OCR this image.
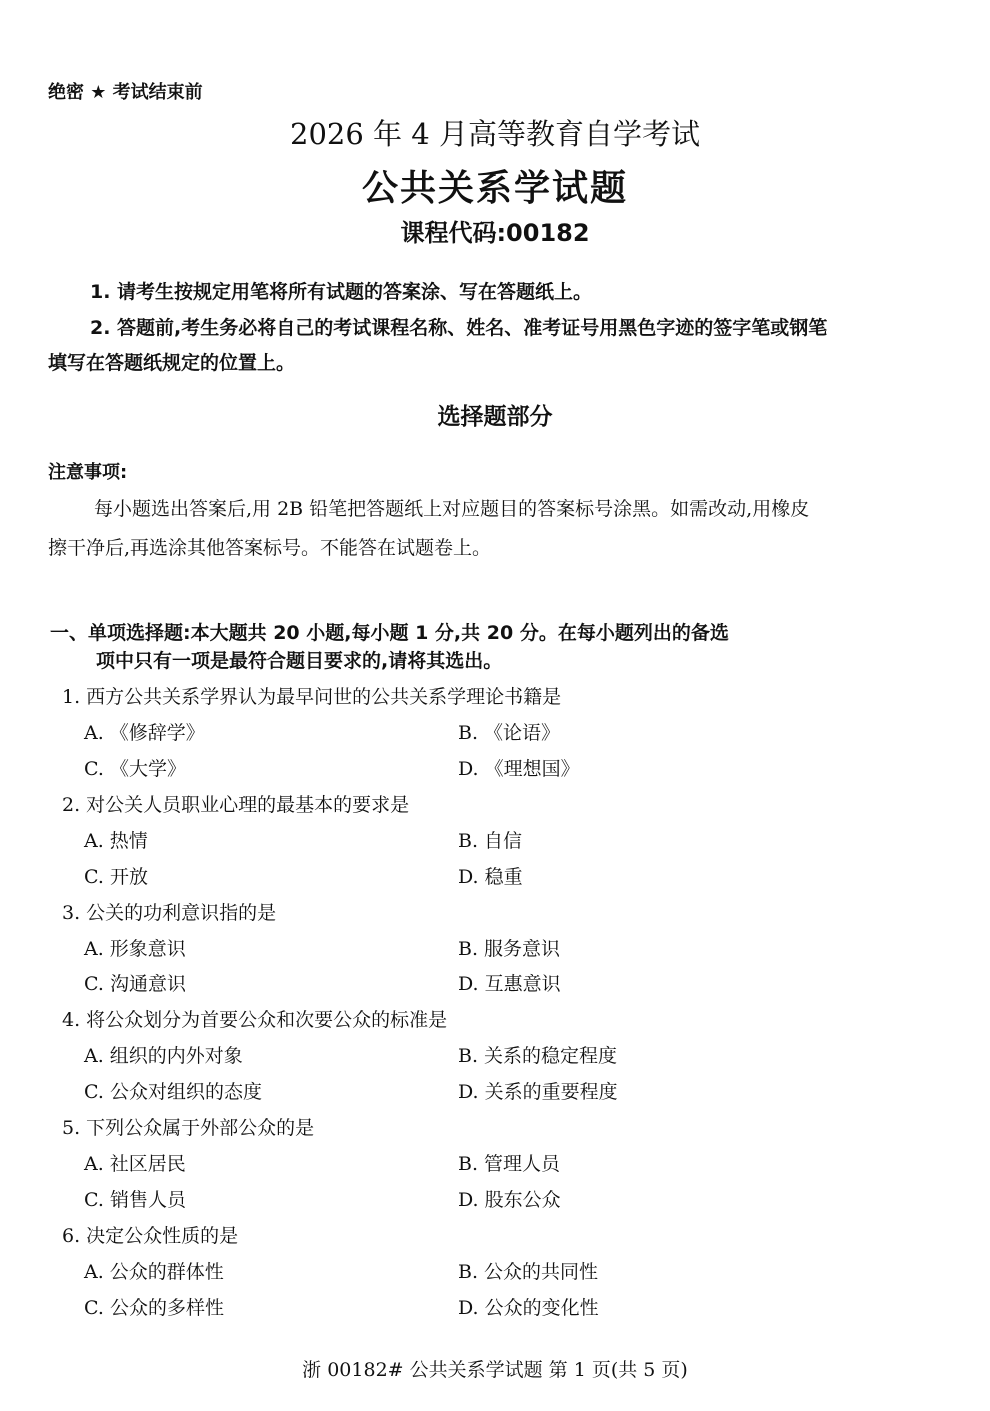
绝密 ★ 考试结束前
2026 年 4 月高等教育自学考试
公共关系学试题
课程代码:00182
1. 请考生按规定用笔将所有试题的答案涂、写在答题纸上。
2. 答题前,考生务必将自己的考试课程名称、姓名、准考证号用黑色字迹的签字笔或钢笔
填写在答题纸规定的位置上。
选择题部分
注意事项:
每小题选出答案后,用 2B 铅笔把答题纸上对应题目的答案标号涂黑。如需改动,用橡皮
擦干净后,再选涂其他答案标号。不能答在试题卷上。
一、单项选择题:本大题共 20 小题,每小题 1 分,共 20 分。在每小题列出的备选
项中只有一项是最符合题目要求的,请将其选出。
1. 西方公共关系学界认为最早问世的公共关系学理论书籍是
A. 《修辞学》	B. 《论语》
C. 《大学》	D. 《理想国》
2. 对公关人员职业心理的最基本的要求是
A. 热情	B. 自信
C. 开放	D. 稳重
3. 公关的功利意识指的是
A. 形象意识	B. 服务意识
C. 沟通意识	D. 互惠意识
4. 将公众划分为首要公众和次要公众的标准是
A. 组织的内外对象	B. 关系的稳定程度
C. 公众对组织的态度	D. 关系的重要程度
5. 下列公众属于外部公众的是
A. 社区居民	B. 管理人员
C. 销售人员	D. 股东公众
6. 决定公众性质的是
A. 公众的群体性	B. 公众的共同性
C. 公众的多样性	D. 公众的变化性
浙 00182# 公共关系学试题 第 1 页(共 5 页)
